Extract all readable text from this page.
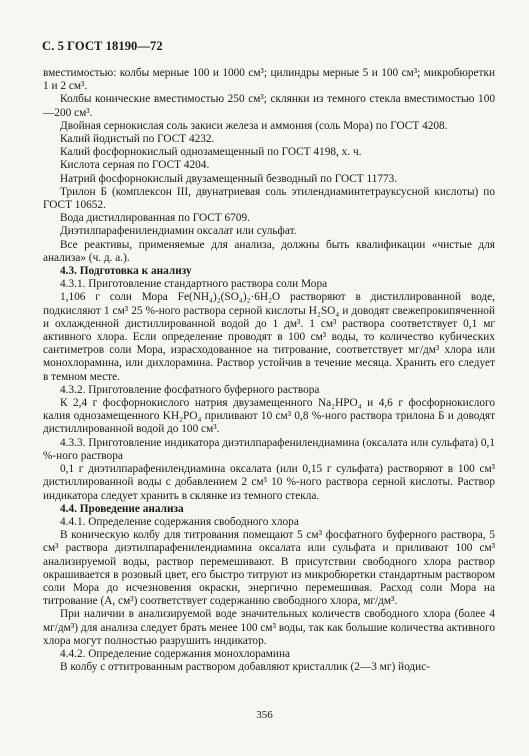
С. 5 ГОСТ 18190—72

вместимостью: колбы мерные 100 и 1000 см³; цилиндры мерные 5 и 100 см³; микробюретки 1 и 2 см³.

Колбы конические вместимостью 250 см³; склянки из темного стекла вместимостью 100—200 см³.

Двойная сернокислая соль закиси железа и аммония (соль Мора) по ГОСТ 4208.

Калий йодистый по ГОСТ 4232.

Калий фосфорнокислый однозамещенный по ГОСТ 4198, х. ч.

Кислота серная по ГОСТ 4204.

Натрий фосфорнокислый двузамещенный безводный по ГОСТ 11773.

Трилон Б (комплексон III, двунатриевая соль этилендиаминтетрауксусной кислоты) по ГОСТ 10652.

Вода дистиллированная по ГОСТ 6709.

Диэтилпарафенилендиамин оксалат или сульфат.

Все реактивы, применяемые для анализа, должны быть квалификации «чистые для анализа» (ч. д. а.).

4.3. Подготовка к анализу

4.3.1. Приготовление стандартного раствора соли Мора

1,106 г соли Мора Fe(NH₄)₂(SO₄)₂·6H₂O растворяют в дистиллированной воде, подкисляют 1 см³ 25 %-ного раствора серной кислоты H₂SO₄ и доводят свежепрокипяченной и охлажденной дистиллированной водой до 1 дм³. 1 см³ раствора соответствует 0,1 мг активного хлора. Если определение проводят в 100 см³ воды, то количество кубических сантиметров соли Мора, израсходованное на титрование, соответствует мг/дм³ хлора или монохлорамина, или дихлорамина. Раствор устойчив в течение месяца. Хранить его следует в темном месте.

4.3.2. Приготовление фосфатного буферного раствора

К 2,4 г фосфорнокислого натрия двузамещенного Na₂HPO₄ и 4,6 г фосфорнокислого калия однозамещенного KH₂PO₄ приливают 10 см³ 0,8 %-ного раствора трилона Б и доводят дистиллированной водой до 100 см³.

4.3.3. Приготовление индикатора диэтилпарафенилендиамина (оксалата или сульфата) 0,1 %-ного раствора

0,1 г диэтилпарафенилендиамина оксалата (или 0,15 г сульфата) растворяют в 100 см³ дистиллированной воды с добавлением 2 см³ 10 %-ного раствора серной кислоты. Раствор индикатора следует хранить в склянке из темного стекла.

4.4. Проведение анализа

4.4.1. Определение содержания свободного хлора

В коническую колбу для титрования помещают 5 см³ фосфатного буферного раствора, 5 см³ раствора диэтилпарафенилендиамина оксалата или сульфата и приливают 100 см³ анализируемой воды, раствор перемешивают. В присутствии свободного хлора раствор окрашивается в розовый цвет, его быстро титруют из микробюретки стандартным раствором соли Мора до исчезновения окраски, энергично перемешивая. Расход соли Мора на титрование (A, см³) соответствует содержанию свободного хлора, мг/дм³.

При наличии в анализируемой воде значительных количеств свободного хлора (более 4 мг/дм³) для анализа следует брать менее 100 см³ воды, так как большие количества активного хлора могут полностью разрушить индикатор.

4.4.2. Определение содержания монохлорамина

В колбу с оттитрованным раствором добавляют кристаллик (2—3 мг) йодис-

356
